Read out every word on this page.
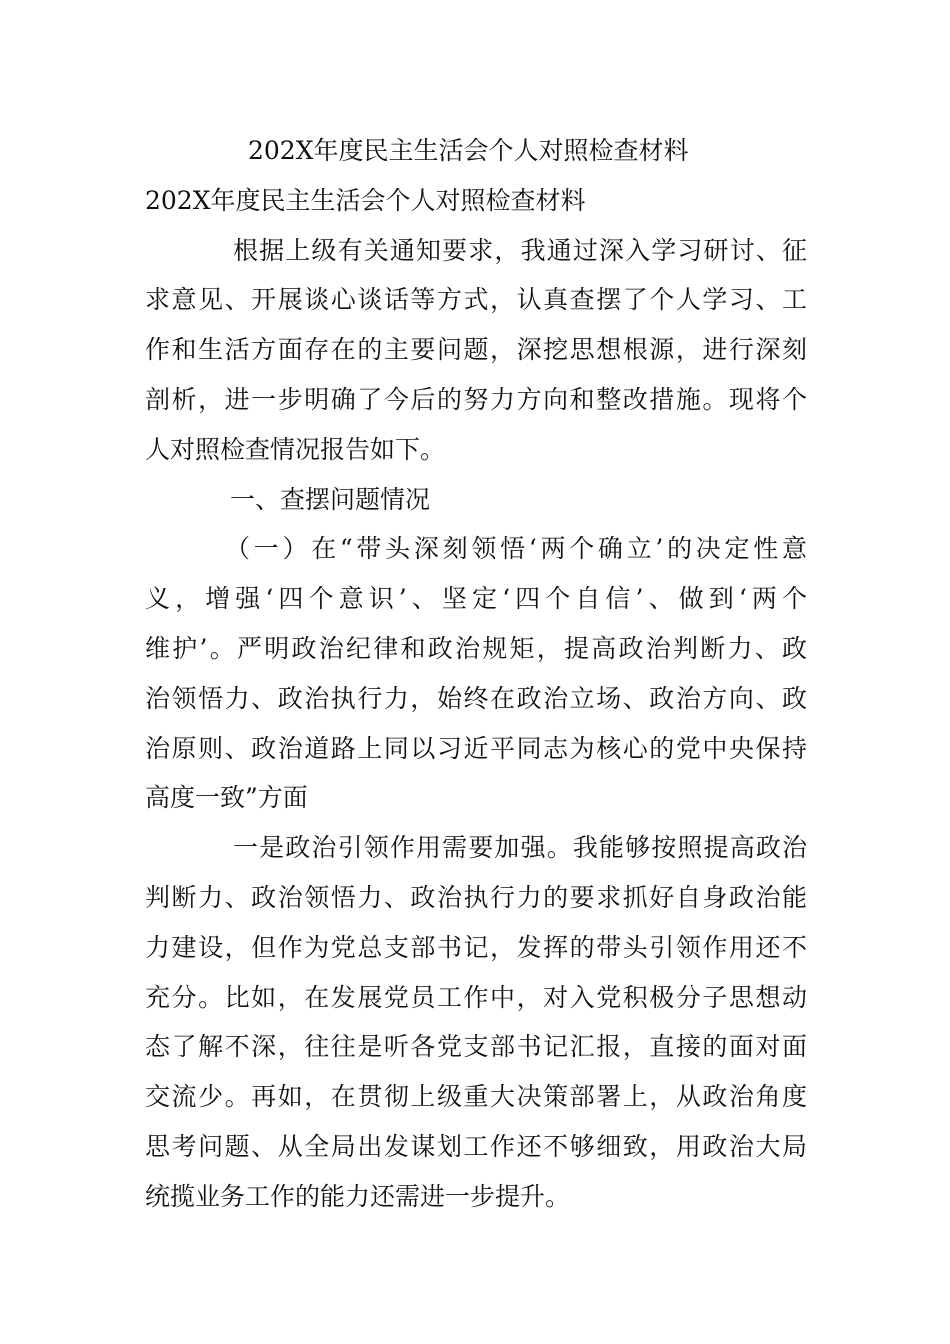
202X年度民主生活会个人对照检查材料
202X年度民主生活会个人对照检查材料
根据上级有关通知要求，我通过深入学习研讨、征
求意见、开展谈心谈话等方式，认真查摆了个人学习、工
作和生活方面存在的主要问题，深挖思想根源，进行深刻
剖析，进一步明确了今后的努力方向和整改措施。现将个
人对照检查情况报告如下。
一、查摆问题情况
（一）在“带头深刻领悟‘两个确立’的决定性意
义，增强‘四个意识’、坚定‘四个自信’、做到‘两个
维护’。严明政治纪律和政治规矩，提高政治判断力、政
治领悟力、政治执行力，始终在政治立场、政治方向、政
治原则、政治道路上同以习近平同志为核心的党中央保持
高度一致”方面
一是政治引领作用需要加强。我能够按照提高政治
判断力、政治领悟力、政治执行力的要求抓好自身政治能
力建设，但作为党总支部书记，发挥的带头引领作用还不
充分。比如，在发展党员工作中，对入党积极分子思想动
态了解不深，往往是听各党支部书记汇报，直接的面对面
交流少。再如，在贯彻上级重大决策部署上，从政治角度
思考问题、从全局出发谋划工作还不够细致，用政治大局
统揽业务工作的能力还需进一步提升。
